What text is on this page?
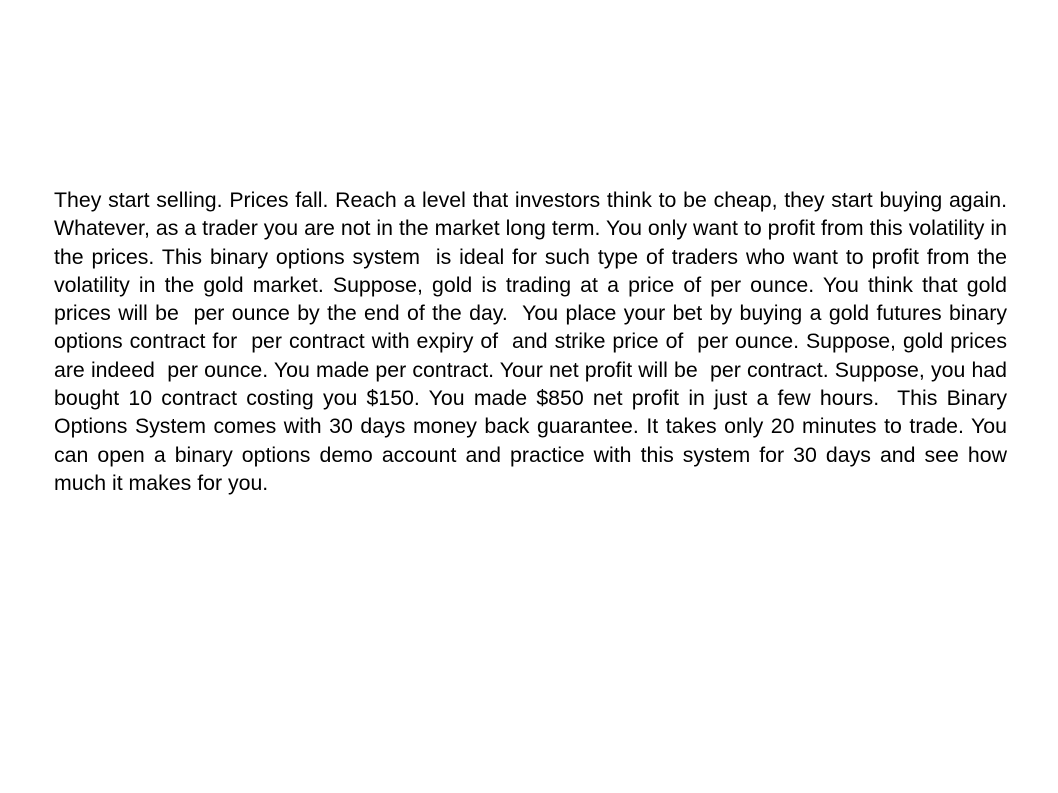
They start selling. Prices fall. Reach a level that investors think to be cheap, they start buying again. Whatever, as a trader you are not in the market long term. You only want to profit from this volatility in the prices. This binary options system  is ideal for such type of traders who want to profit from the volatility in the gold market. Suppose, gold is trading at a price of per ounce. You think that gold prices will be  per ounce by the end of the day.  You place your bet by buying a gold futures binary options contract for  per contract with expiry of  and strike price of  per ounce. Suppose, gold prices are indeed  per ounce. You made per contract. Your net profit will be  per contract. Suppose, you had bought 10 contract costing you $150. You made $850 net profit in just a few hours.  This Binary Options System comes with 30 days money back guarantee. It takes only 20 minutes to trade. You can open a binary options demo account and practice with this system for 30 days and see how much it makes for you.
